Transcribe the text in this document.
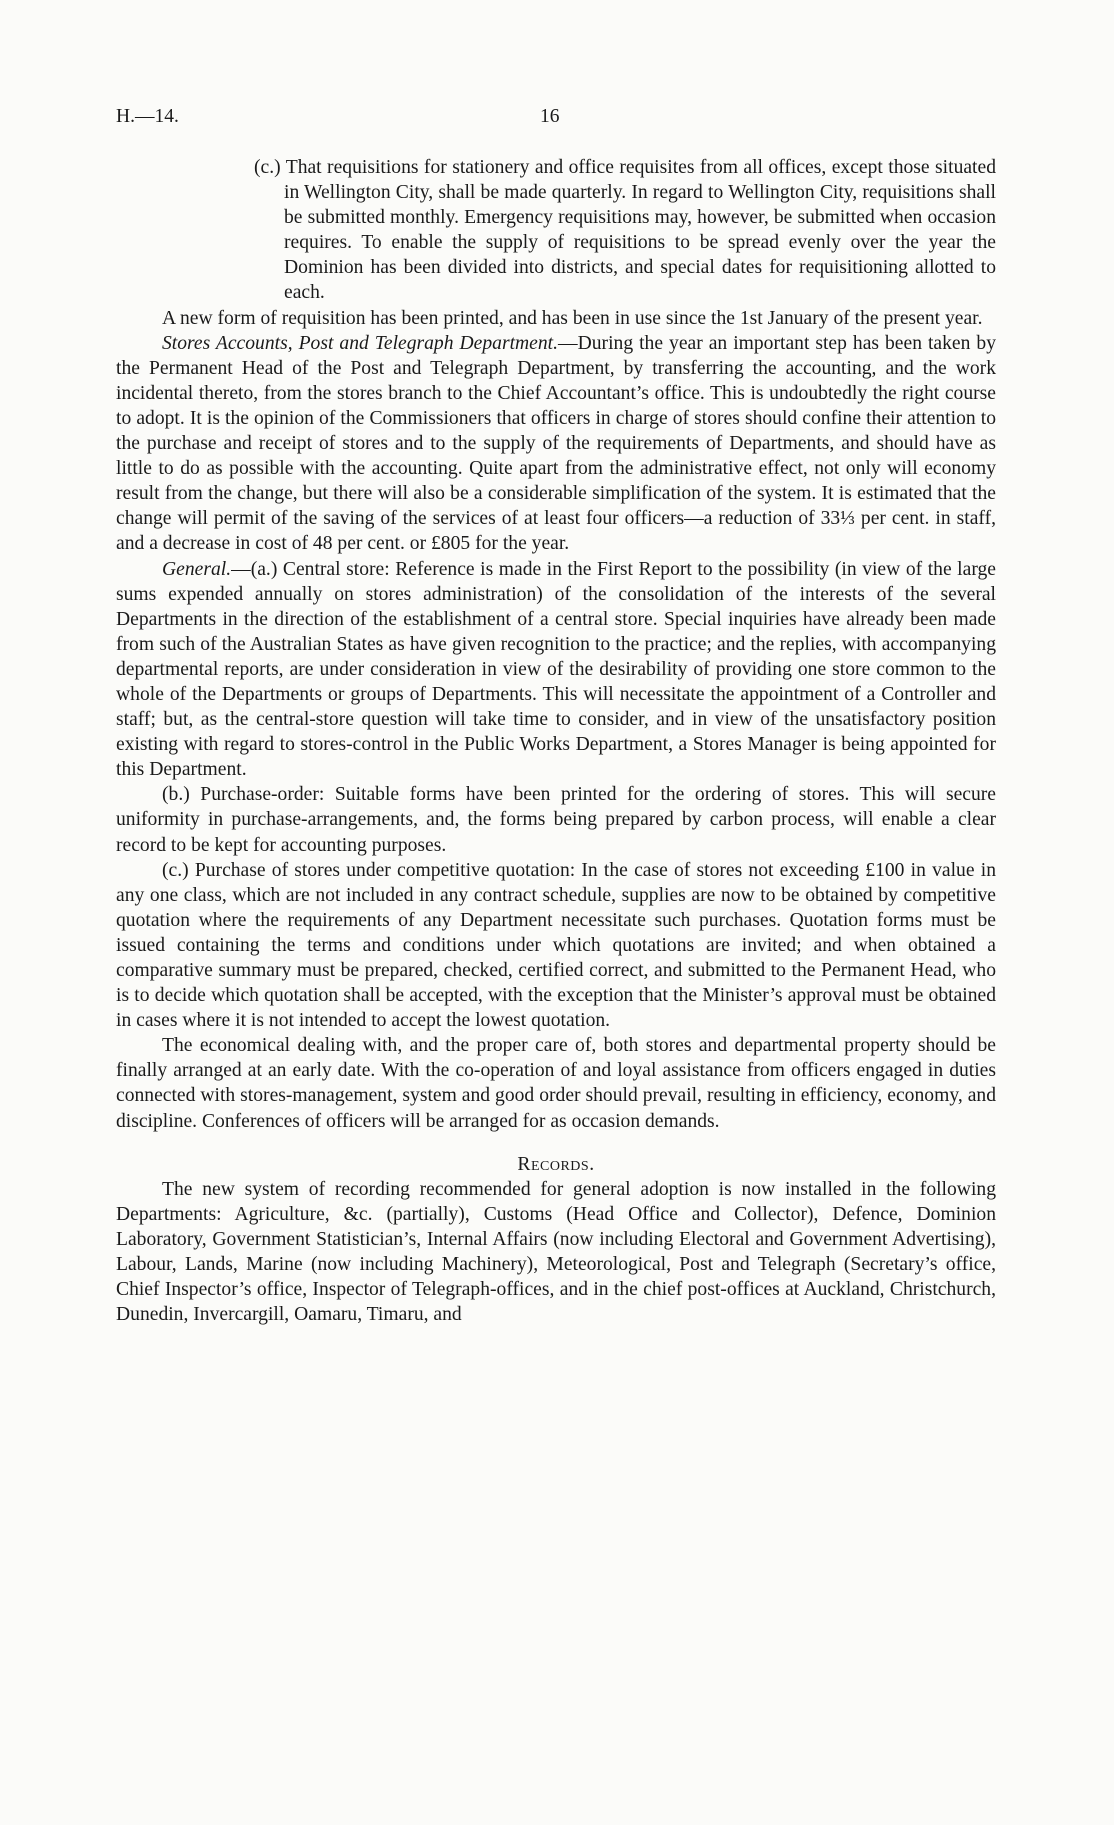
H.—14.	16

(c.) That requisitions for stationery and office requisites from all offices, except those situated in Wellington City, shall be made quarterly. In regard to Wellington City, requisitions shall be submitted monthly. Emergency requisitions may, however, be submitted when occasion requires. To enable the supply of requisitions to be spread evenly over the year the Dominion has been divided into districts, and special dates for requisitioning allotted to each.

A new form of requisition has been printed, and has been in use since the 1st January of the present year.

Stores Accounts, Post and Telegraph Department.—During the year an important step has been taken by the Permanent Head of the Post and Telegraph Department, by transferring the accounting, and the work incidental thereto, from the stores branch to the Chief Accountant’s office. This is undoubtedly the right course to adopt. It is the opinion of the Commissioners that officers in charge of stores should confine their attention to the purchase and receipt of stores and to the supply of the requirements of Departments, and should have as little to do as possible with the accounting. Quite apart from the administrative effect, not only will economy result from the change, but there will also be a considerable simplification of the system. It is estimated that the change will permit of the saving of the services of at least four officers—a reduction of 33⅓ per cent. in staff, and a decrease in cost of 48 per cent. or £805 for the year.

General.—(a.) Central store: Reference is made in the First Report to the possibility (in view of the large sums expended annually on stores administration) of the consolidation of the interests of the several Departments in the direction of the establishment of a central store. Special inquiries have already been made from such of the Australian States as have given recognition to the practice; and the replies, with accompanying departmental reports, are under consideration in view of the desirability of providing one store common to the whole of the Departments or groups of Departments. This will necessitate the appointment of a Controller and staff; but, as the central-store question will take time to consider, and in view of the unsatisfactory position existing with regard to stores-control in the Public Works Department, a Stores Manager is being appointed for this Department.

(b.) Purchase-order: Suitable forms have been printed for the ordering of stores. This will secure uniformity in purchase-arrangements, and, the forms being prepared by carbon process, will enable a clear record to be kept for accounting purposes.

(c.) Purchase of stores under competitive quotation: In the case of stores not exceeding £100 in value in any one class, which are not included in any contract schedule, supplies are now to be obtained by competitive quotation where the requirements of any Department necessitate such purchases. Quotation forms must be issued containing the terms and conditions under which quotations are invited; and when obtained a comparative summary must be prepared, checked, certified correct, and submitted to the Permanent Head, who is to decide which quotation shall be accepted, with the exception that the Minister’s approval must be obtained in cases where it is not intended to accept the lowest quotation.

The economical dealing with, and the proper care of, both stores and departmental property should be finally arranged at an early date. With the co-operation of and loyal assistance from officers engaged in duties connected with stores-management, system and good order should prevail, resulting in efficiency, economy, and discipline. Conferences of officers will be arranged for as occasion demands.

Records.

The new system of recording recommended for general adoption is now installed in the following Departments: Agriculture, &c. (partially), Customs (Head Office and Collector), Defence, Dominion Laboratory, Government Statistician’s, Internal Affairs (now including Electoral and Government Advertising), Labour, Lands, Marine (now including Machinery), Meteorological, Post and Telegraph (Secretary’s office, Chief Inspector’s office, Inspector of Telegraph-offices, and in the chief post-offices at Auckland, Christchurch, Dunedin, Invercargill, Oamaru, Timaru, and
